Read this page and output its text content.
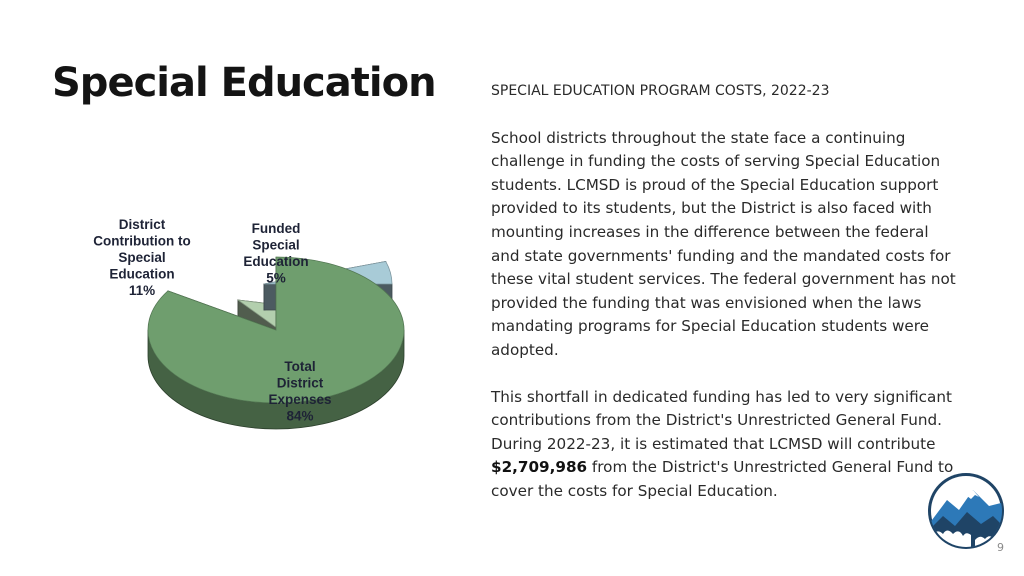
Special Education	SPECIAL EDUCATION PROGRAM COSTS, 2022-23

School districts throughout the state face a continuing challenge in funding the costs of serving Special Education students. LCMSD is proud of the Special Education support provided to its students, but the District is also faced with mounting increases in the difference between the federal and state governments' funding and the mandated costs for these vital student services. The federal government has not provided the funding that was envisioned when the laws mandating programs for Special Education students were adopted.

This shortfall in dedicated funding has led to very significant contributions from the District's Unrestricted General Fund. During 2022-23, it is estimated that LCMSD will contribute $2,709,986 from the District's Unrestricted General Fund to cover the costs for Special Education.

Total District Expenses 84%
District Contribution to Special Education 11%
Funded Special Education 5%
9
